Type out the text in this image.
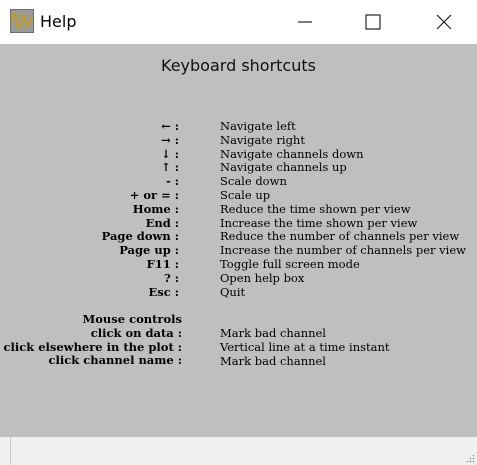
Help
Keyboard shortcuts
← :
→ :
↓ :
↑ :
- :
+ or = :
Home :
End :
Page down :
Page up :
F11 :
? :
Esc :
Navigate left
Navigate right
Navigate channels down
Navigate channels up
Scale down
Scale up
Reduce the time shown per view
Increase the time shown per view
Reduce the number of channels per view
Increase the number of channels per view
Toggle full screen mode
Open help box
Quit
Mouse controls
click on data :
click elsewhere in the plot :
click channel name :
Mark bad channel
Vertical line at a time instant
Mark bad channel
